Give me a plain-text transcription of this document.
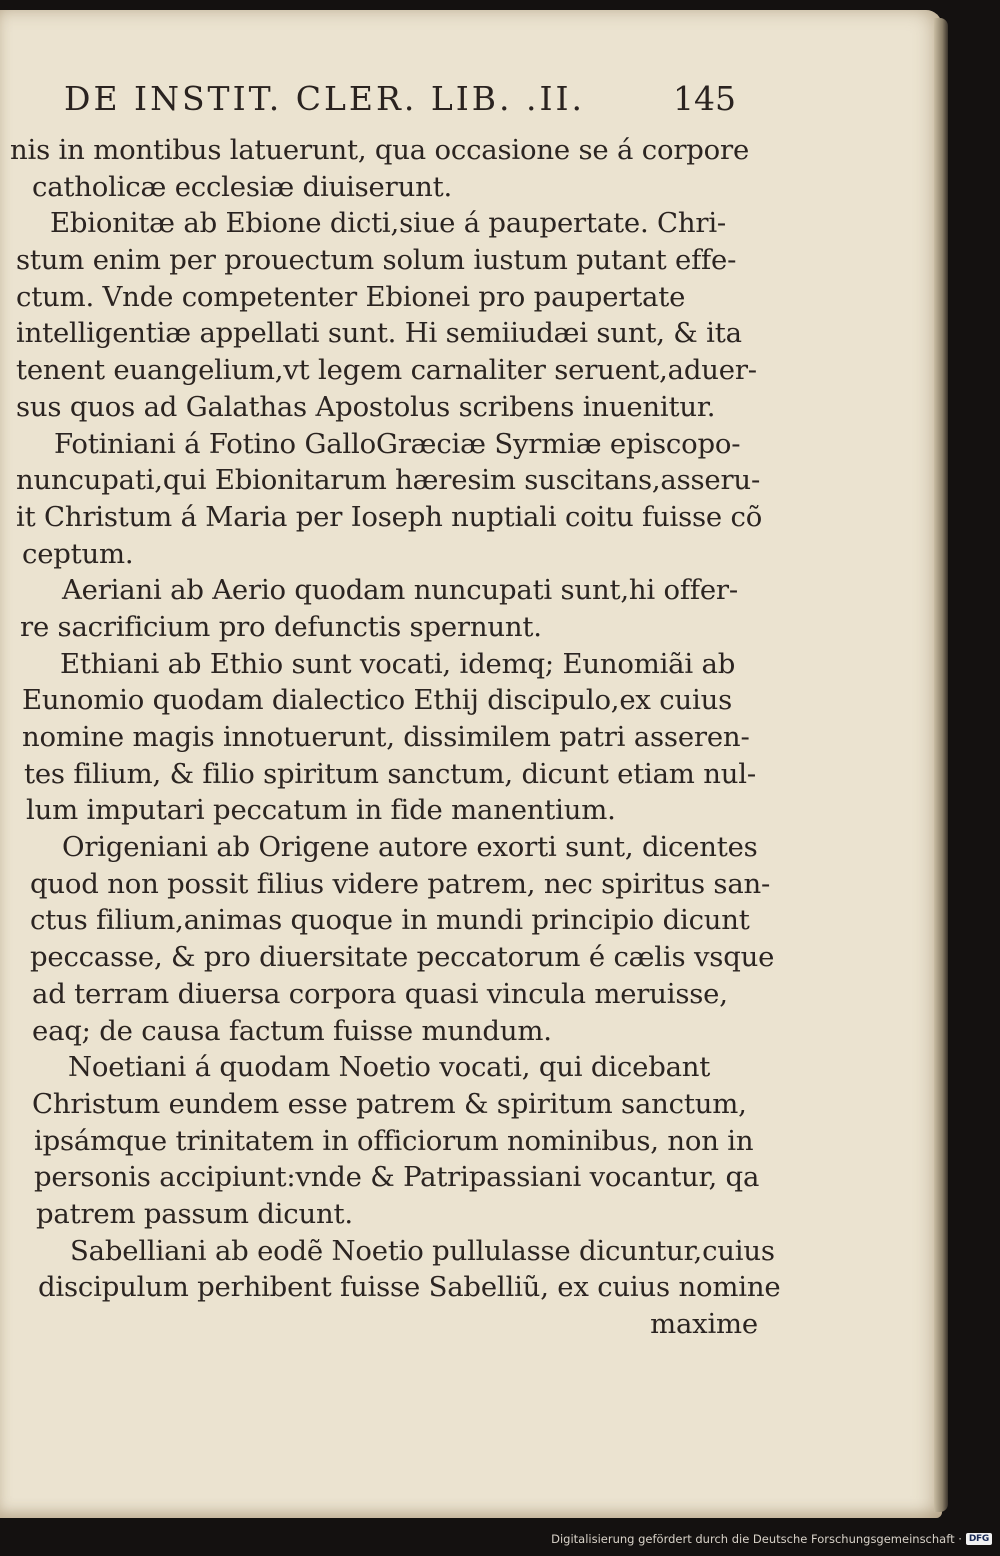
DE INSTIT. CLER. LIB. .II.	145
nis in montibus latuerunt, qua occasione se á corpore
catholicæ ecclesiæ diuiserunt.
Ebionitæ ab Ebione dicti,siue á paupertate. Chri-
stum enim per prouectum solum iustum putant effe-
ctum. Vnde competenter Ebionei pro paupertate
intelligentiæ appellati sunt. Hi semiiudæi sunt, & ita
tenent euangelium,vt legem carnaliter seruent,aduer-
sus quos ad Galathas Apostolus scribens inuenitur.
Fotiniani á Fotino GalloGræciæ Syrmiæ episcopo-
nuncupati,qui Ebionitarum hæresim suscitans,asseru-
it Christum á Maria per Ioseph nuptiali coitu fuisse cõ
ceptum.
Aeriani ab Aerio quodam nuncupati sunt,hi offer-
re sacrificium pro defunctis spernunt.
Ethiani ab Ethio sunt vocati, idemq; Eunomiãi ab
Eunomio quodam dialectico Ethij discipulo,ex cuius
nomine magis innotuerunt, dissimilem patri asseren-
tes filium, & filio spiritum sanctum, dicunt etiam nul-
lum imputari peccatum in fide manentium.
Origeniani ab Origene autore exorti sunt, dicentes
quod non possit filius videre patrem, nec spiritus san-
ctus filium,animas quoque in mundi principio dicunt
peccasse, & pro diuersitate peccatorum é cælis vsque
ad terram diuersa corpora quasi vincula meruisse,
eaq; de causa factum fuisse mundum.
Noetiani á quodam Noetio vocati, qui dicebant
Christum eundem esse patrem & spiritum sanctum,
ipsámque trinitatem in officiorum nominibus, non in
personis accipiunt:vnde & Patripassiani vocantur, qa
patrem passum dicunt.
Sabelliani ab eodẽ Noetio pullulasse dicuntur,cuius
discipulum perhibent fuisse Sabelliũ, ex cuius nomine
maxime
Digitalisierung gefördert durch die Deutsche Forschungsgemeinschaft · DFG
